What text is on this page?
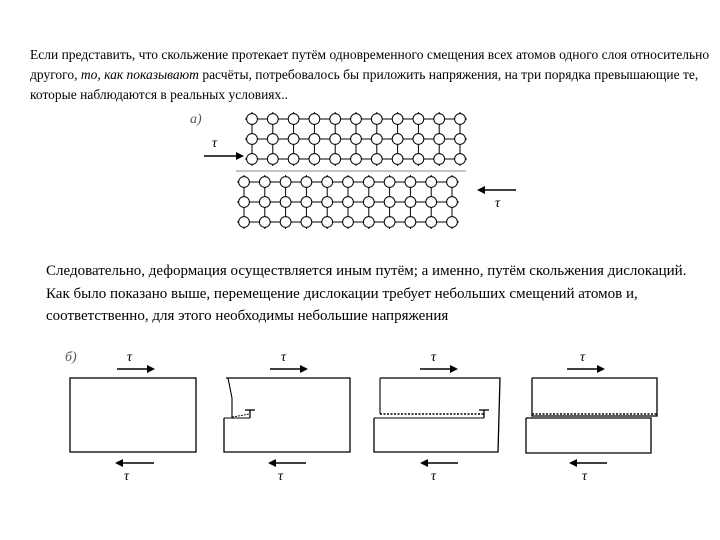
Если представить, что скольжение протекает путём одновременного смещения всех атомов одного слоя относительно другого, то, как показывают расчёты, потребовалось бы приложить напряжения, на три порядка превышающие те, которые наблюдаются в реальных условиях..

Следовательно, деформация осуществляется иным путём; а именно, путём скольжения дислокаций. Как было показано выше, перемещение дислокации требует небольших смещений атомов и, соответственно, для этого необходимы небольшие напряжения

а)
τ
τ
б)	τ
τ
τ
τ
τ
τ
τ
τ
